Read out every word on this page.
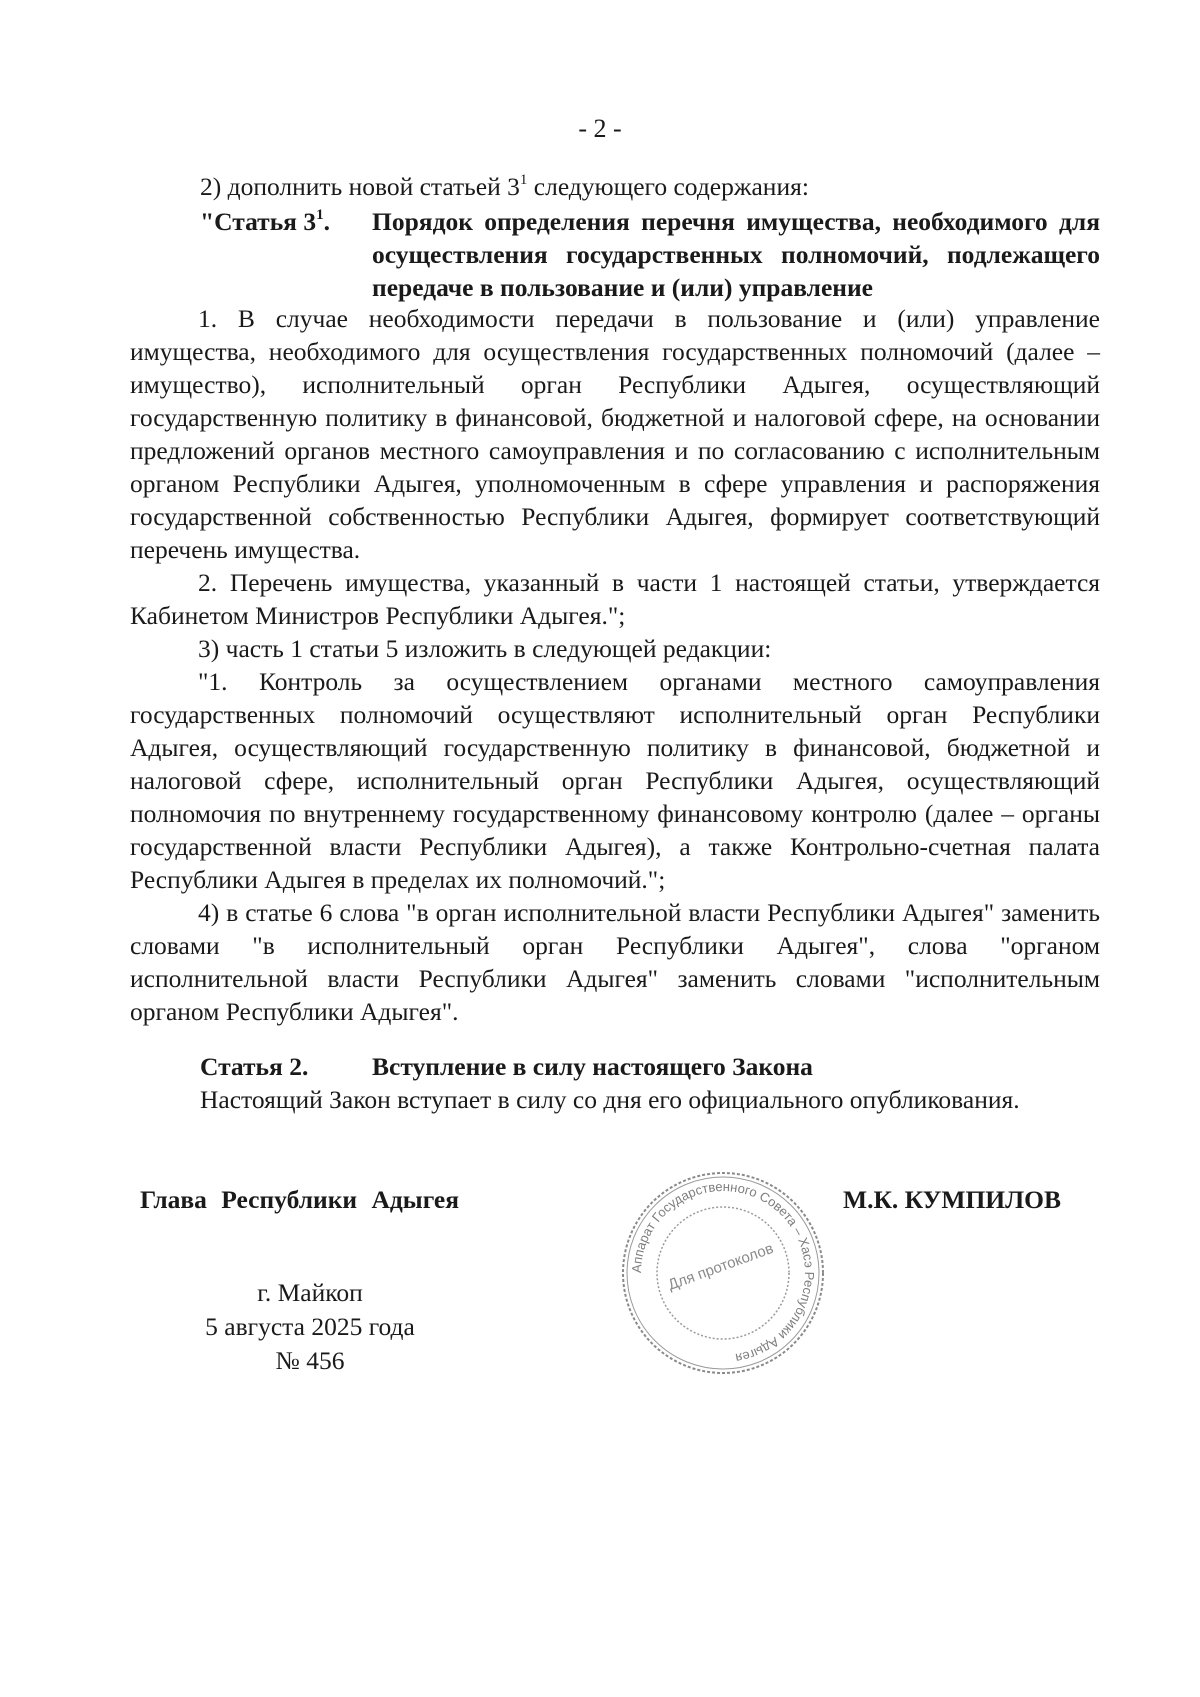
- 2 -

2) дополнить новой статьей $3^1$ следующего содержания:

"Статья $3^1$. Порядок определения перечня имущества, необходимого для осуществления государственных полномочий, подлежащего передаче в пользование и (или) управление

1. В случае необходимости передачи в пользование и (или) управление имущества, необходимого для осуществления государственных полномочий (далее – имущество), исполнительный орган Республики Адыгея, осуществляющий государственную политику в финансовой, бюджетной и налоговой сфере, на основании предложений органов местного самоуправления и по согласованию с исполнительным органом Республики Адыгея, уполномоченным в сфере управления и распоряжения государственной собственностью Республики Адыгея, формирует соответствующий перечень имущества.

2. Перечень имущества, указанный в части 1 настоящей статьи, утверждается Кабинетом Министров Республики Адыгея.";

3) часть 1 статьи 5 изложить в следующей редакции:

"1. Контроль за осуществлением органами местного самоуправления государственных полномочий осуществляют исполнительный орган Республики Адыгея, осуществляющий государственную политику в финансовой, бюджетной и налоговой сфере, исполнительный орган Республики Адыгея, осуществляющий полномочия по внутреннему государственному финансовому контролю (далее – органы государственной власти Республики Адыгея), а также Контрольно-счетная палата Республики Адыгея в пределах их полномочий.";

4) в статье 6 слова "в орган исполнительной власти Республики Адыгея" заменить словами "в исполнительный орган Республики Адыгея", слова "органом исполнительной власти Республики Адыгея" заменить словами "исполнительным органом Республики Адыгея".

Статья 2. Вступление в силу настоящего Закона

Настоящий Закон вступает в силу со дня его официального опубликования.

Глава Республики Адыгея	М.К. КУМПИЛОВ
г. Майкоп
5 августа 2025 года
№ 456
Аппарат Государственного Совета – Хасэ Республики Адыгея
Для протоколов
